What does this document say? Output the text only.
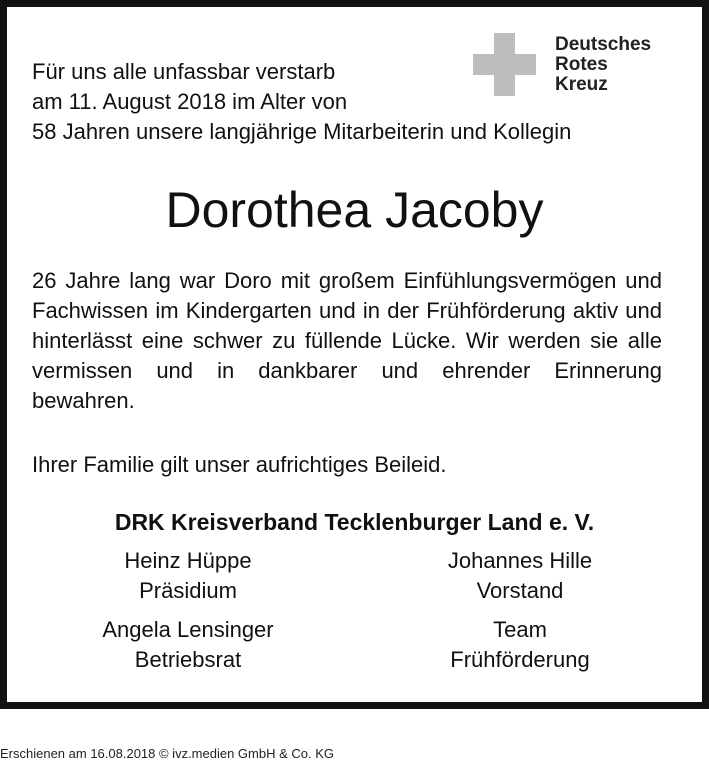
Für uns alle unfassbar verstarb
am 11. August 2018 im Alter von
58 Jahren unsere langjährige Mitarbeiterin und Kollegin
Deutsches
Rotes
Kreuz
Dorothea Jacoby
26 Jahre lang war Doro mit großem Einfühlungsvermögen und Fachwissen im Kindergarten und in der Frühförderung aktiv und hinterlässt eine schwer zu füllende Lücke. Wir werden sie alle vermissen und in dankbarer und ehrender Erinnerung bewahren.
Ihrer Familie gilt unser aufrichtiges Beileid.
DRK Kreisverband Tecklenburger Land e. V.
Heinz Hüppe
Präsidium
Johannes Hille
Vorstand
Angela Lensinger
Betriebsrat
Team
Frühförderung
Erschienen am 16.08.2018 © ivz.medien GmbH & Co. KG
